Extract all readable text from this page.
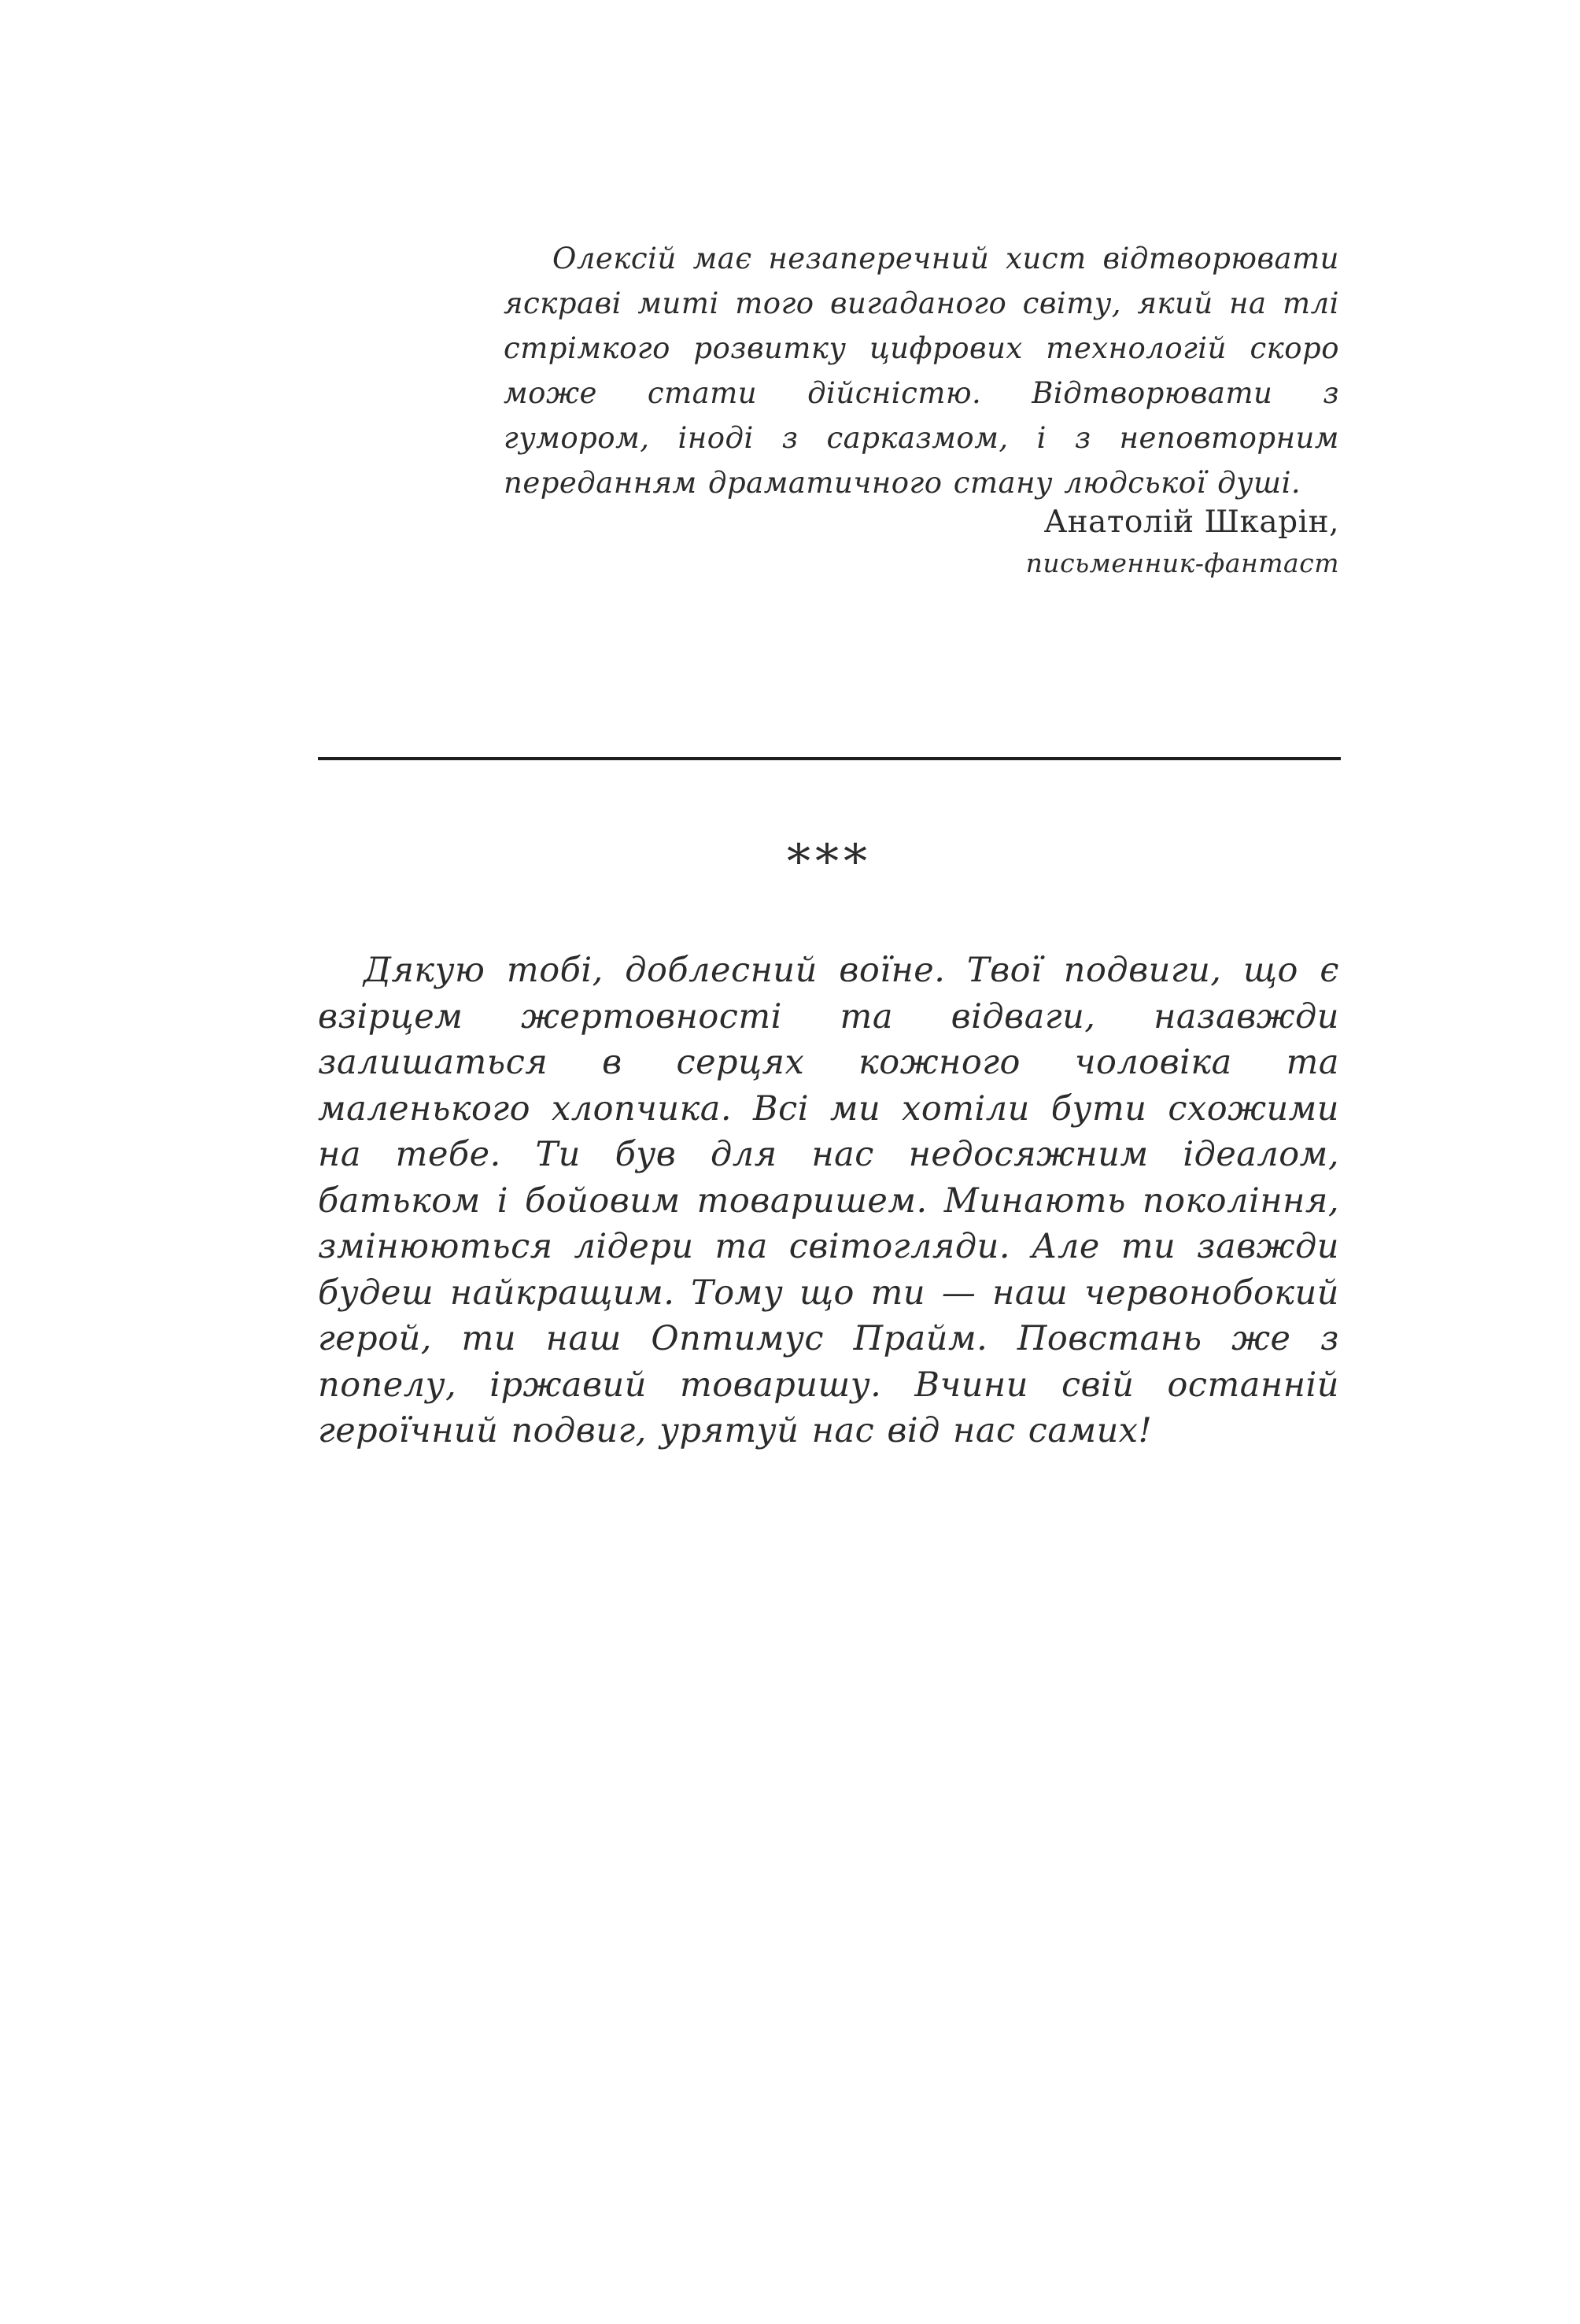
Олексій має незаперечний хист відтворювати яскраві миті того вигаданого світу, який на тлі стрімкого розвитку цифрових технологій скоро може стати дійсністю. Відтворювати з гумором, іноді з сарказмом, і з неповторним переданням драматичного стану людської душі.

Анатолій Шкарін,
письменник-фантаст
***

Дякую тобі, доблесний воїне. Твої подвиги, що є взірцем жертовності та відваги, назавжди залишаться в серцях кожного чоловіка та маленького хлопчика. Всі ми хотіли бути схожими на тебе. Ти був для нас недосяжним ідеалом, батьком і бойовим товаришем. Минають покоління, змінюються лідери та світогляди. Але ти завжди будеш найкращим. Тому що ти — наш червонобокий герой, ти наш Оптимус Прайм. Повстань же з попелу, іржавий товаришу. Вчини свій останній героїчний подвиг, урятуй нас від нас самих!
